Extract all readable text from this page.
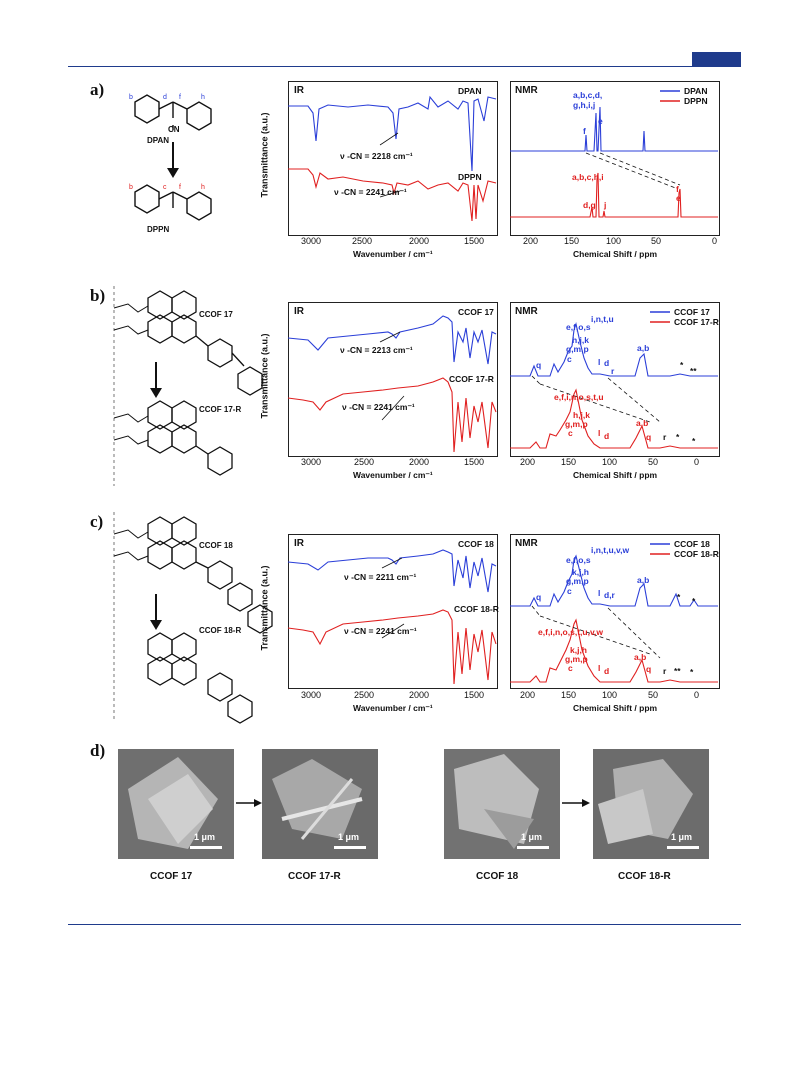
a)
b)
c)
d)
b	d f	h
b	c f	h
CN
DPAN
DPPN
IR	DPAN
DPPN
ν -CN = 2218 cm⁻¹
ν -CN = 2241 cm⁻¹
3000	2500	2000	1500
Wavenumber / cm⁻¹
NMR	DPAN
DPPN
a,b,c,d,
g,h,i,j
f
e
a,b,c,h,i
d,g j
f
e
200	150	100	50	0
Chemical Shift / ppm
CCOF 17
CCOF 17-R
IR	CCOF 17
CCOF 17-R
ν -CN = 2213 cm⁻¹
ν -CN = 2241 cm⁻¹
3000	2500	2000	1500
Wavenumber / cm⁻¹
NMR	CCOF 17
CCOF 17-R
i,n,t,u
e,f,o,s
h,j,k
g,m,p
c
q	l d
r
a,b
*
**
e,f,i,n,o,s,t,u
h,j,k
g,m,p
c	l d
a,b
q r * *
200	150	100	50	0
Chemical Shift / ppm
CCOF 18
CCOF 18-R
IR	CCOF 18
CCOF 18-R
ν -CN = 2211 cm⁻¹
ν -CN = 2241 cm⁻¹
3000	2500	2000	1500
Wavenumber / cm⁻¹
NMR	CCOF 18
CCOF 18-R
i,n,t,u,v,w
e,f,o,s
k,j,h
g,m,p
c
q	l d,r
a,b
* *
e,f,i,n,o,s,t,u,v,w
k,j,h
g,m,p
c	l d
a,b
q r ** *
200	150	100	50	0
Chemical Shift / ppm
Transmittance (a.u.)
Transmittance (a.u.)
Transmittance (a.u.)
1 μm	1 μm	1 μm	1 μm
CCOF 17	CCOF 17-R	CCOF 18	CCOF 18-R
